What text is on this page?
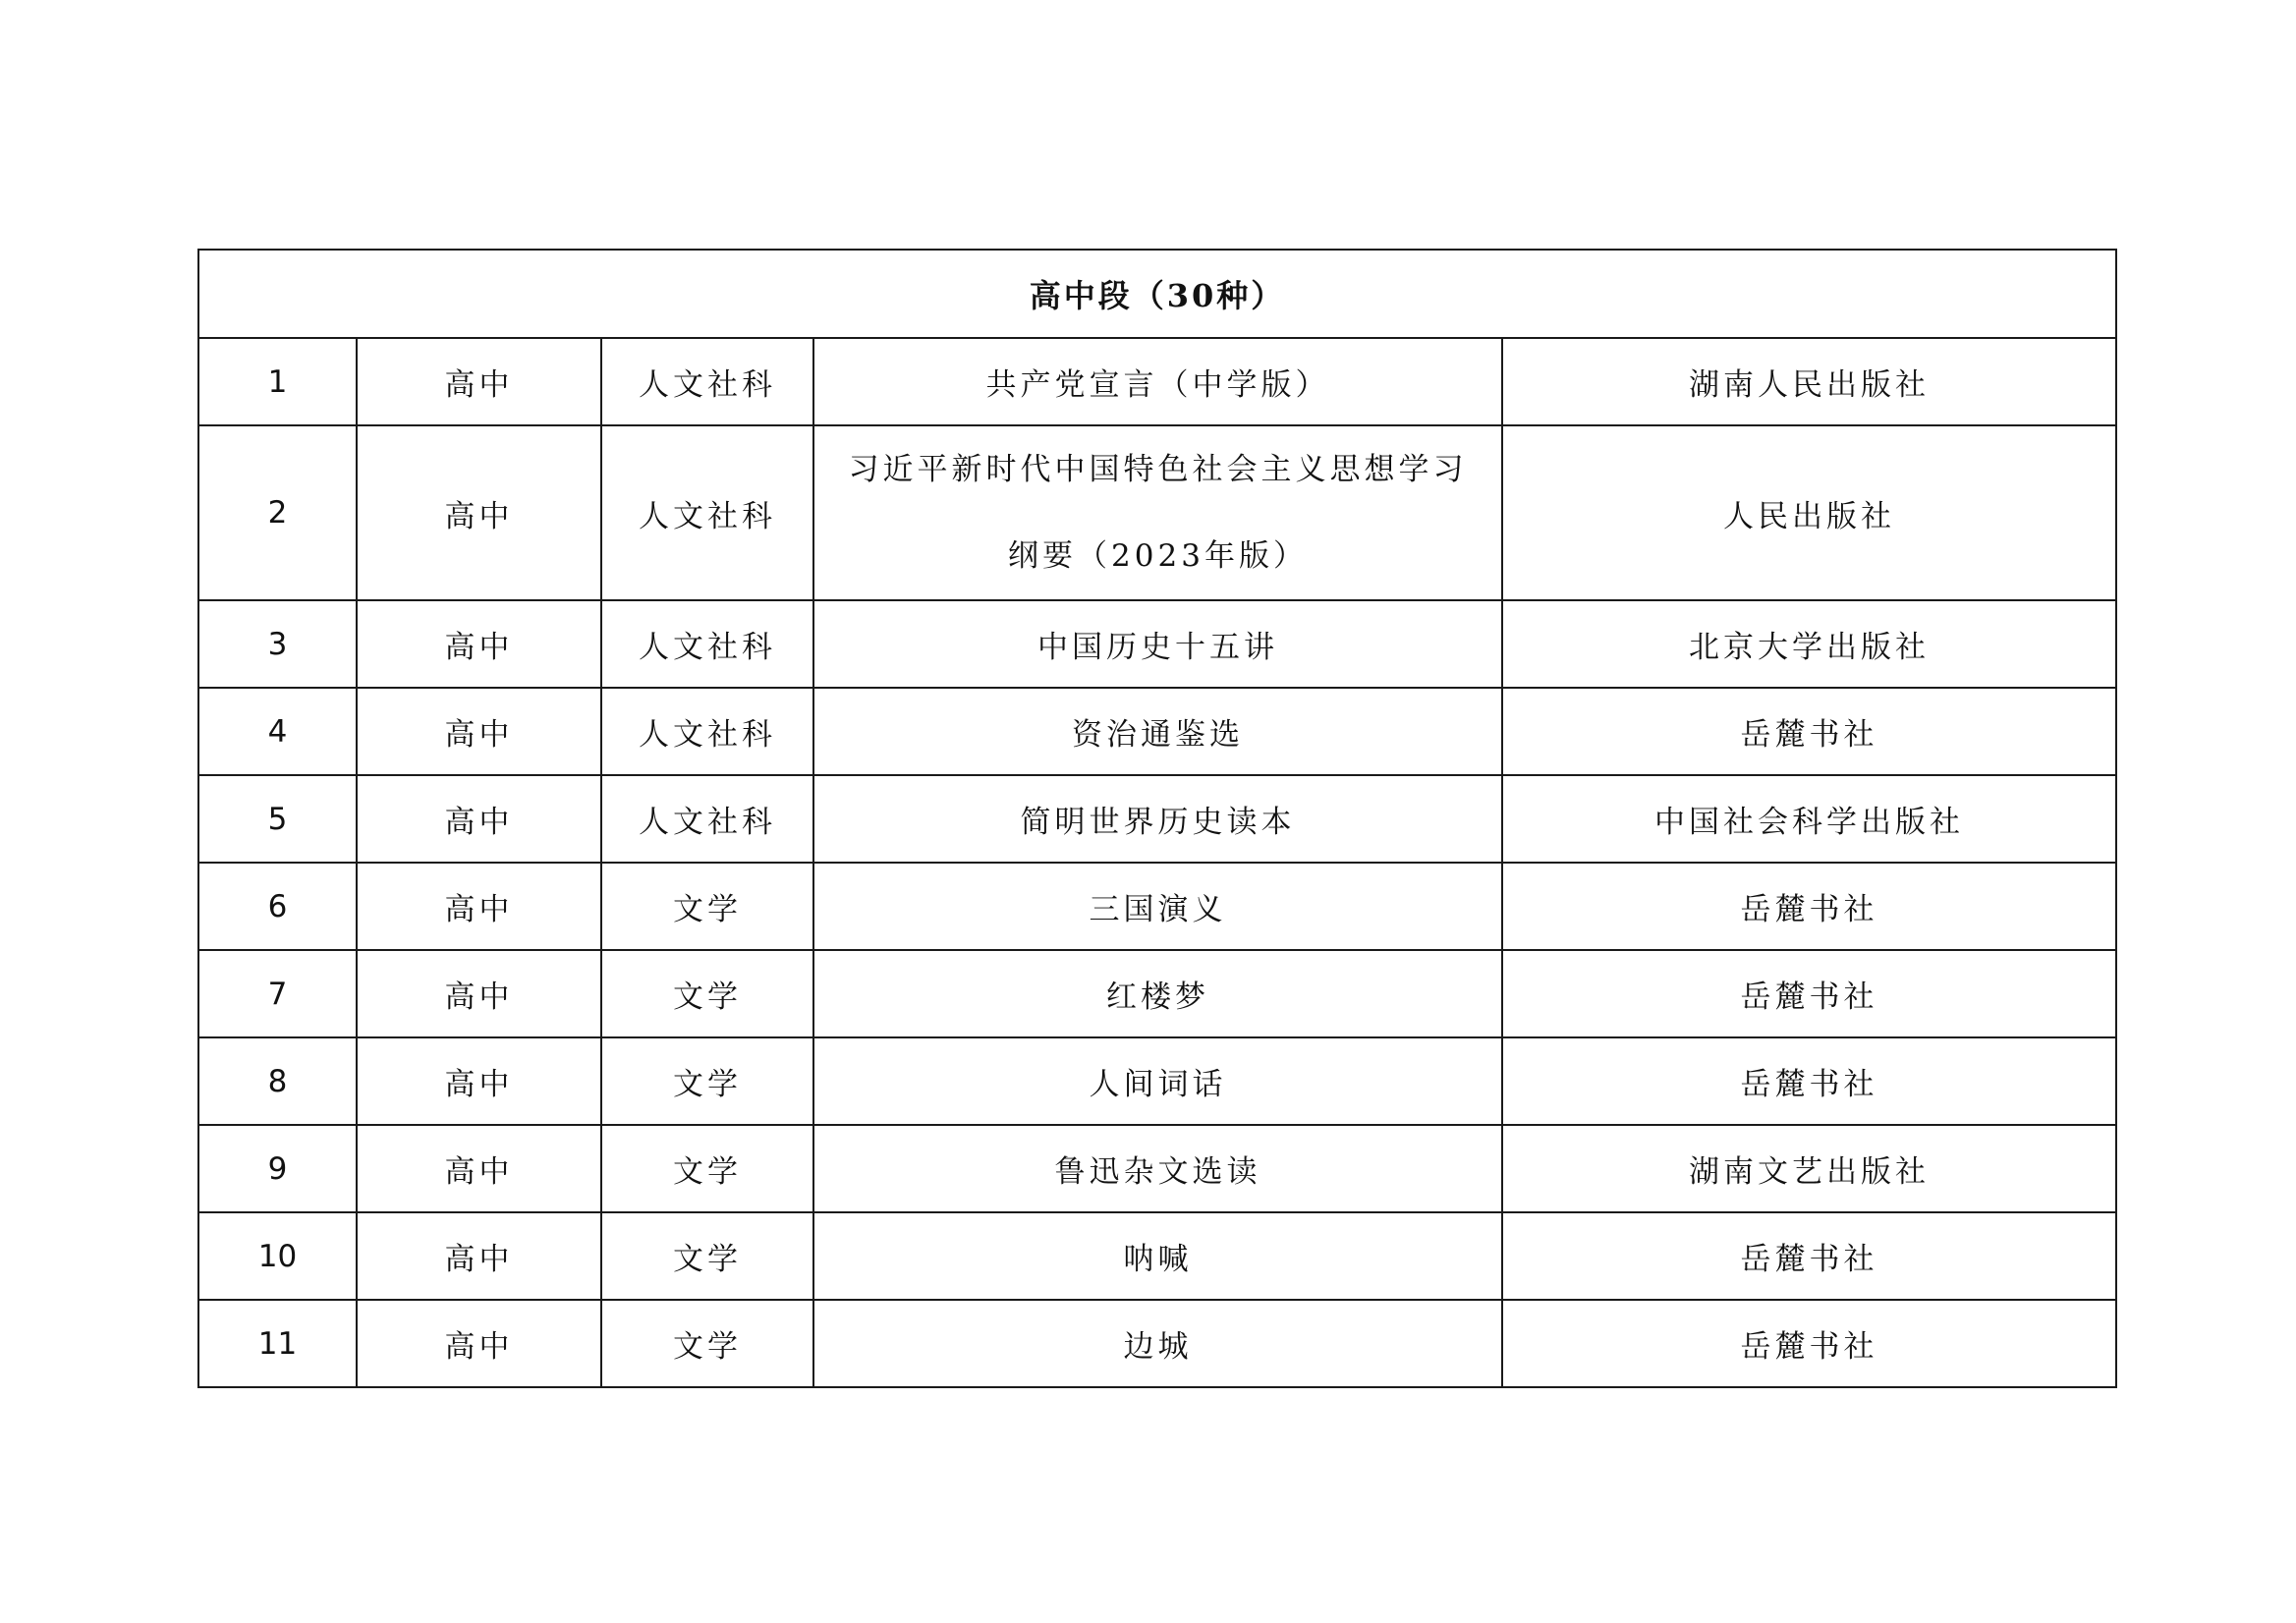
高中段（30种）				
1	高中	人文社科	共产党宣言（中学版）	湖南人民出版社
2	高中	人文社科	习近平新时代中国特色社会主义思想学习纲要（2023年版）	人民出版社
3	高中	人文社科	中国历史十五讲	北京大学出版社
4	高中	人文社科	资治通鉴选	岳麓书社
5	高中	人文社科	简明世界历史读本	中国社会科学出版社
6	高中	文学	三国演义	岳麓书社
7	高中	文学	红楼梦	岳麓书社
8	高中	文学	人间词话	岳麓书社
9	高中	文学	鲁迅杂文选读	湖南文艺出版社
10	高中	文学	呐喊	岳麓书社
11	高中	文学	边城	岳麓书社
